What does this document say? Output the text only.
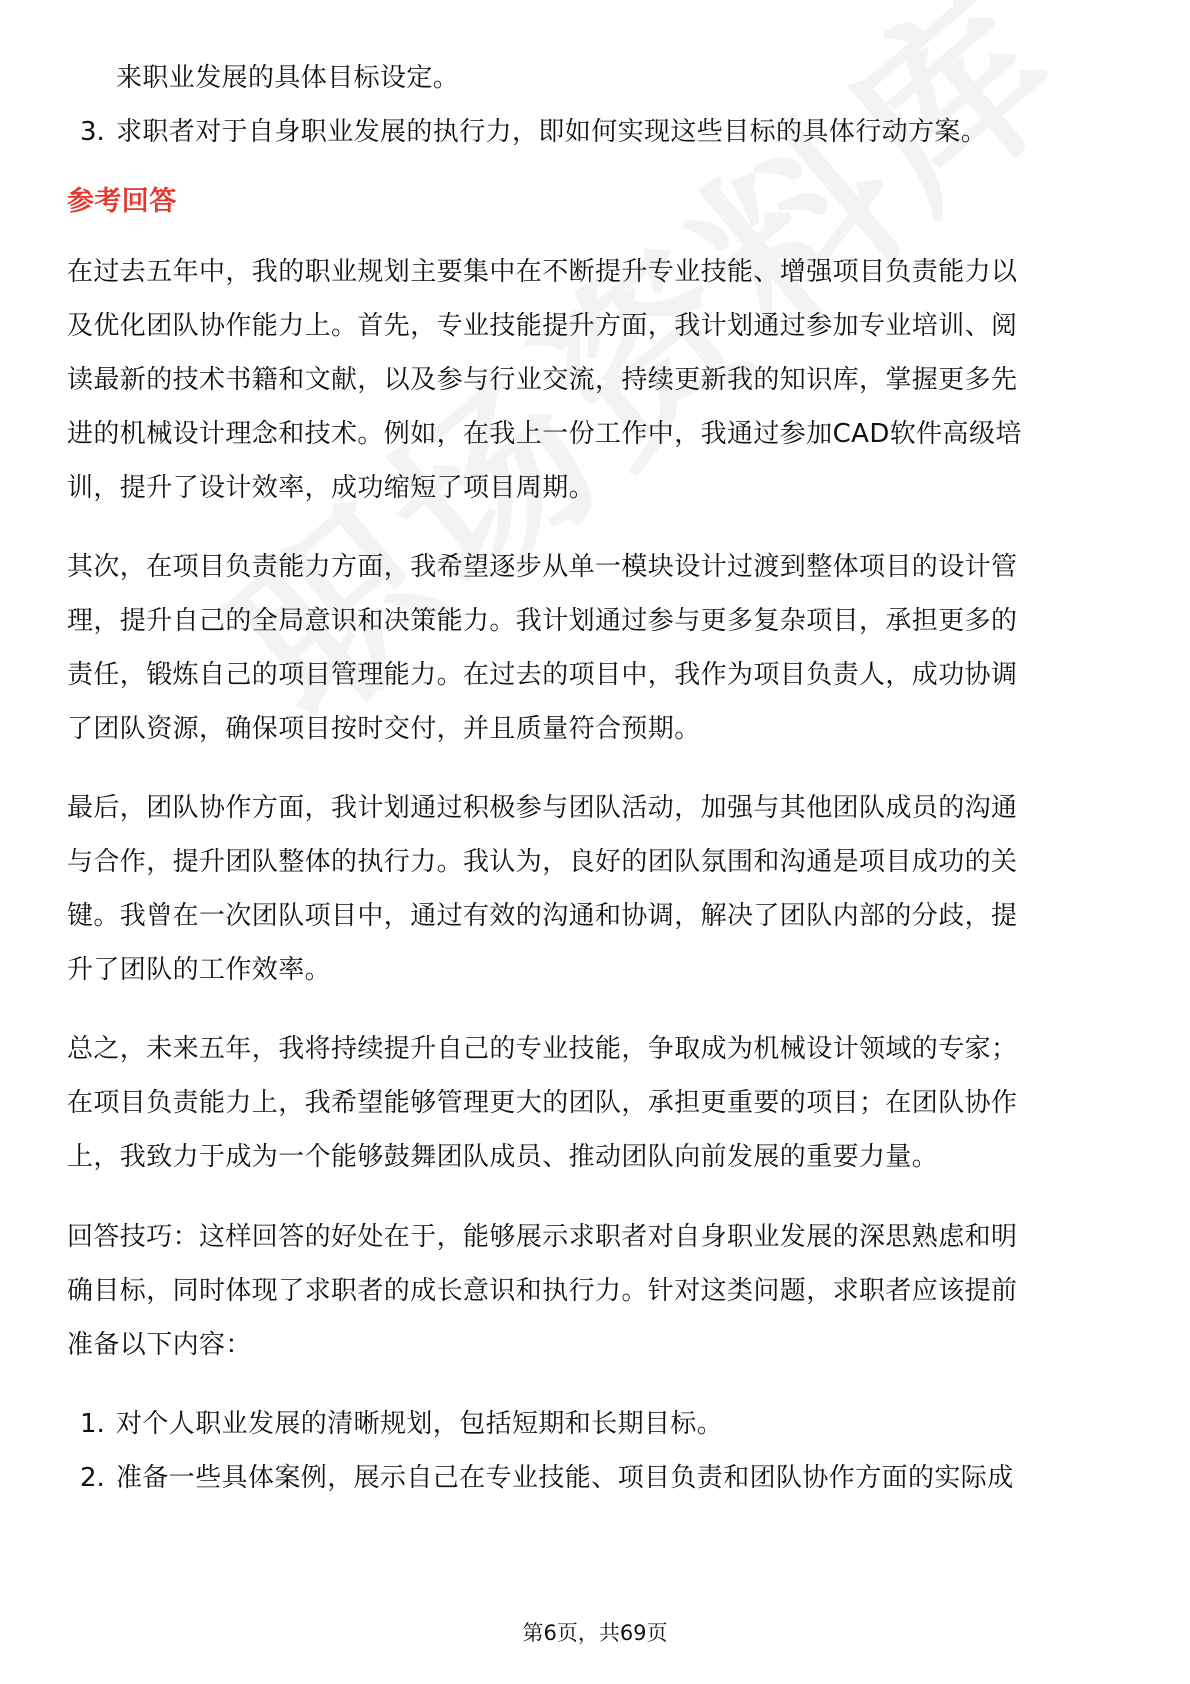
来职业发展的具体目标设定。
3. 求职者对于自身职业发展的执行力，即如何实现这些目标的具体行动方案。
参考回答
在过去五年中，我的职业规划主要集中在不断提升专业技能、增强项目负责能力以
及优化团队协作能力上。首先，专业技能提升方面，我计划通过参加专业培训、阅
读最新的技术书籍和文献，以及参与行业交流，持续更新我的知识库，掌握更多先
进的机械设计理念和技术。例如，在我上一份工作中，我通过参加CAD软件高级培
训，提升了设计效率，成功缩短了项目周期。
其次，在项目负责能力方面，我希望逐步从单一模块设计过渡到整体项目的设计管
理，提升自己的全局意识和决策能力。我计划通过参与更多复杂项目，承担更多的
责任，锻炼自己的项目管理能力。在过去的项目中，我作为项目负责人，成功协调
了团队资源，确保项目按时交付，并且质量符合预期。
最后，团队协作方面，我计划通过积极参与团队活动，加强与其他团队成员的沟通
与合作，提升团队整体的执行力。我认为，良好的团队氛围和沟通是项目成功的关
键。我曾在一次团队项目中，通过有效的沟通和协调，解决了团队内部的分歧，提
升了团队的工作效率。
总之，未来五年，我将持续提升自己的专业技能，争取成为机械设计领域的专家；
在项目负责能力上，我希望能够管理更大的团队，承担更重要的项目；在团队协作
上，我致力于成为一个能够鼓舞团队成员、推动团队向前发展的重要力量。
回答技巧：这样回答的好处在于，能够展示求职者对自身职业发展的深思熟虑和明
确目标，同时体现了求职者的成长意识和执行力。针对这类问题，求职者应该提前
准备以下内容：
1. 对个人职业发展的清晰规划，包括短期和长期目标。
2. 准备一些具体案例，展示自己在专业技能、项目负责和团队协作方面的实际成
第6页，共69页
